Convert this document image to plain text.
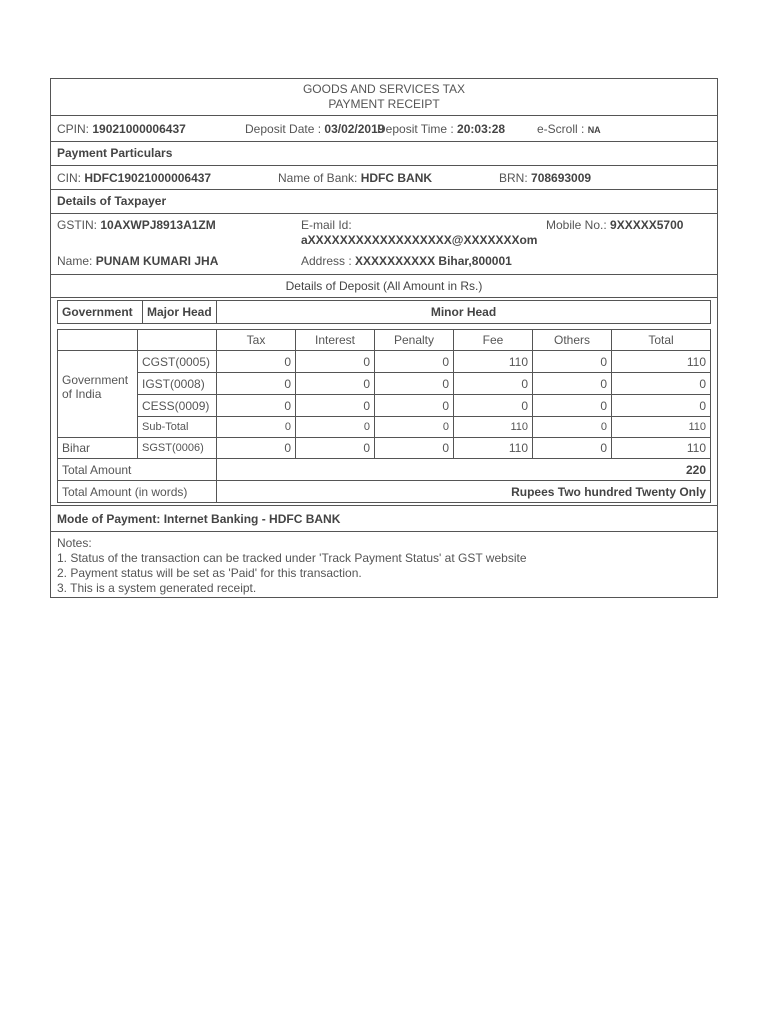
GOODS AND SERVICES TAX
PAYMENT RECEIPT
CPIN: 19021000006437	Deposit Date : 03/02/2019
Deposit Time : 20:03:28	e-Scroll : NA
Payment Particulars
CIN: HDFC19021000006437	Name of Bank: HDFC BANK	BRN: 708693009
Details of Taxpayer
GSTIN: 10AXWPJ8913A1ZM	E-mail Id:
aXXXXXXXXXXXXXXXXXX@XXXXXXXom
Mobile No.: 9XXXXX5700
Name: PUNAM KUMARI JHA	Address : XXXXXXXXXX Bihar,800001
Details of Deposit (All Amount in Rs.)
Government	Major Head	Minor Head
		Tax	Interest	Penalty	Fee	Others	Total
Government of India	CGST(0005)	0	0	0	110	0	110
	IGST(0008)	0	0	0	0	0	0
	CESS(0009)	0	0	0	0	0	0
	Sub-Total	0	0	0	110	0	110
Bihar	SGST(0006)	0	0	0	110	0	110
Total Amount		220					
Total Amount (in words)		Rupees Two hundred Twenty Only					
Mode of Payment: Internet Banking - HDFC BANK
Notes:
1. Status of the transaction can be tracked under 'Track Payment Status' at GST website
2. Payment status will be set as 'Paid' for this transaction.
3. This is a system generated receipt.
